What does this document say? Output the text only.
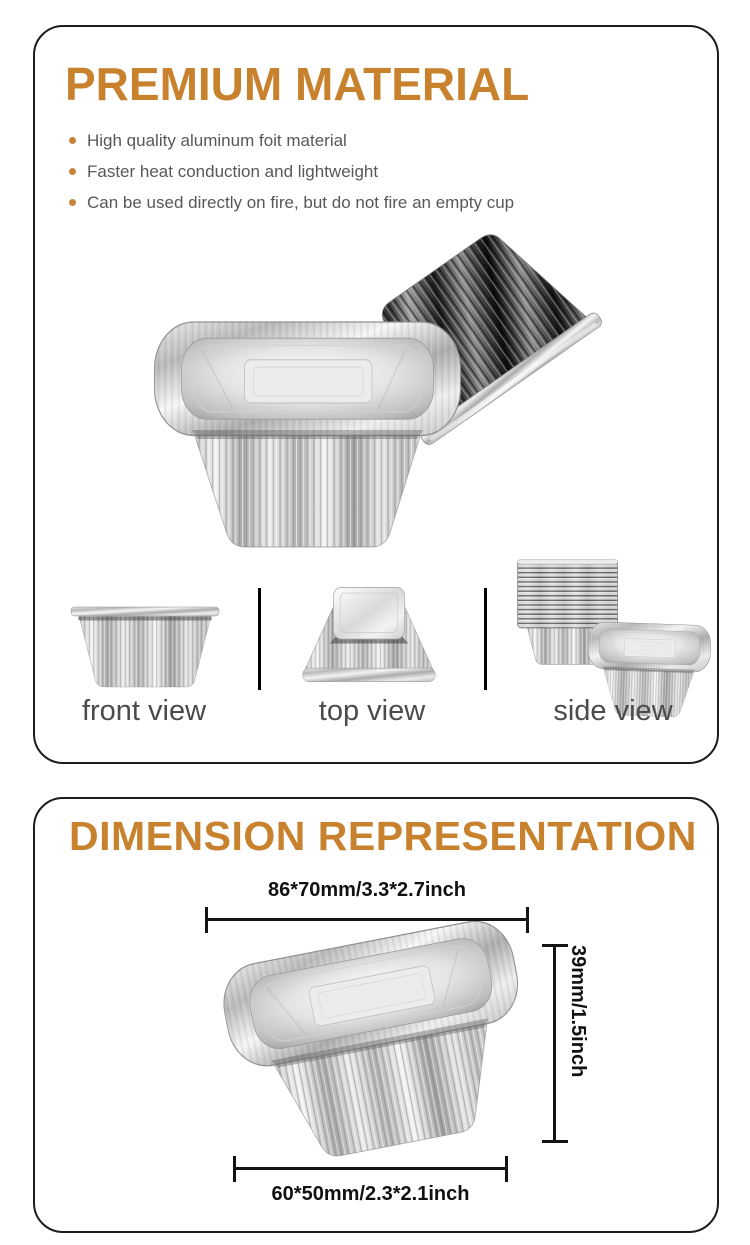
PREMIUM MATERIAL
High quality aluminum foit material
Faster heat conduction and lightweight
Can be used directly on fire, but do not fire an empty cup
front view	top view	side view
DIMENSION REPRESENTATION
86*70mm/3.3*2.7inch
39mm/1.5inch
60*50mm/2.3*2.1inch
